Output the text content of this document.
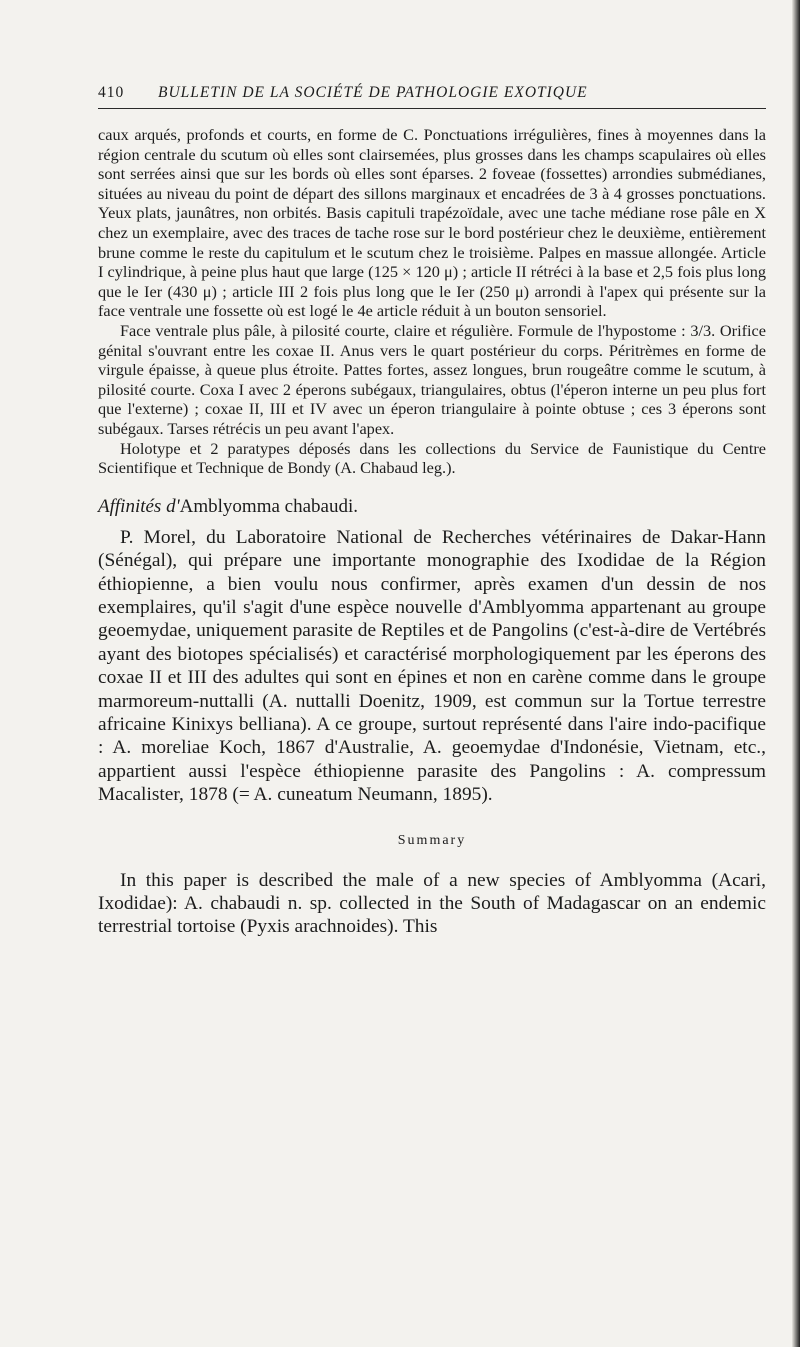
410	BULLETIN DE LA SOCIÉTÉ DE PATHOLOGIE EXOTIQUE

caux arqués, profonds et courts, en forme de C. Ponctuations irrégulières, fines à moyennes dans la région centrale du scutum où elles sont clairsemées, plus grosses dans les champs scapulaires où elles sont serrées ainsi que sur les bords où elles sont éparses. 2 foveae (fossettes) arrondies submédianes, situées au niveau du point de départ des sillons marginaux et encadrées de 3 à 4 grosses ponctuations. Yeux plats, jaunâtres, non orbités. Basis capituli trapézoïdale, avec une tache médiane rose pâle en X chez un exemplaire, avec des traces de tache rose sur le bord postérieur chez le deuxième, entièrement brune comme le reste du capitulum et le scutum chez le troisième. Palpes en massue allongée. Article I cylindrique, à peine plus haut que large (125 × 120 μ) ; article II rétréci à la base et 2,5 fois plus long que le Ier (430 μ) ; article III 2 fois plus long que le Ier (250 μ) arrondi à l'apex qui présente sur la face ventrale une fossette où est logé le 4e article réduit à un bouton sensoriel.

Face ventrale plus pâle, à pilosité courte, claire et régulière. Formule de l'hypostome : 3/3. Orifice génital s'ouvrant entre les coxae II. Anus vers le quart postérieur du corps. Péritrèmes en forme de virgule épaisse, à queue plus étroite. Pattes fortes, assez longues, brun rougeâtre comme le scutum, à pilosité courte. Coxa I avec 2 éperons subégaux, triangulaires, obtus (l'éperon interne un peu plus fort que l'externe) ; coxae II, III et IV avec un éperon triangulaire à pointe obtuse ; ces 3 éperons sont subégaux. Tarses rétrécis un peu avant l'apex.

Holotype et 2 paratypes déposés dans les collections du Service de Faunistique du Centre Scientifique et Technique de Bondy (A. Chabaud leg.).

Affinités d'Amblyomma chabaudi.

P. Morel, du Laboratoire National de Recherches vétérinaires de Dakar-Hann (Sénégal), qui prépare une importante monographie des Ixodidae de la Région éthiopienne, a bien voulu nous confirmer, après examen d'un dessin de nos exemplaires, qu'il s'agit d'une espèce nouvelle d'Amblyomma appartenant au groupe geoemydae, uniquement parasite de Reptiles et de Pangolins (c'est-à-dire de Vertébrés ayant des biotopes spécialisés) et caractérisé morphologiquement par les éperons des coxae II et III des adultes qui sont en épines et non en carène comme dans le groupe marmoreum-nuttalli (A. nuttalli Doenitz, 1909, est commun sur la Tortue terrestre africaine Kinixys belliana). A ce groupe, surtout représenté dans l'aire indo-pacifique : A. moreliae Koch, 1867 d'Australie, A. geoemydae d'Indonésie, Vietnam, etc., appartient aussi l'espèce éthiopienne parasite des Pangolins : A. compressum Macalister, 1878 (= A. cuneatum Neumann, 1895).

Summary

In this paper is described the male of a new species of Amblyomma (Acari, Ixodidae): A. chabaudi n. sp. collected in the South of Madagascar on an endemic terrestrial tortoise (Pyxis arachnoides). This
